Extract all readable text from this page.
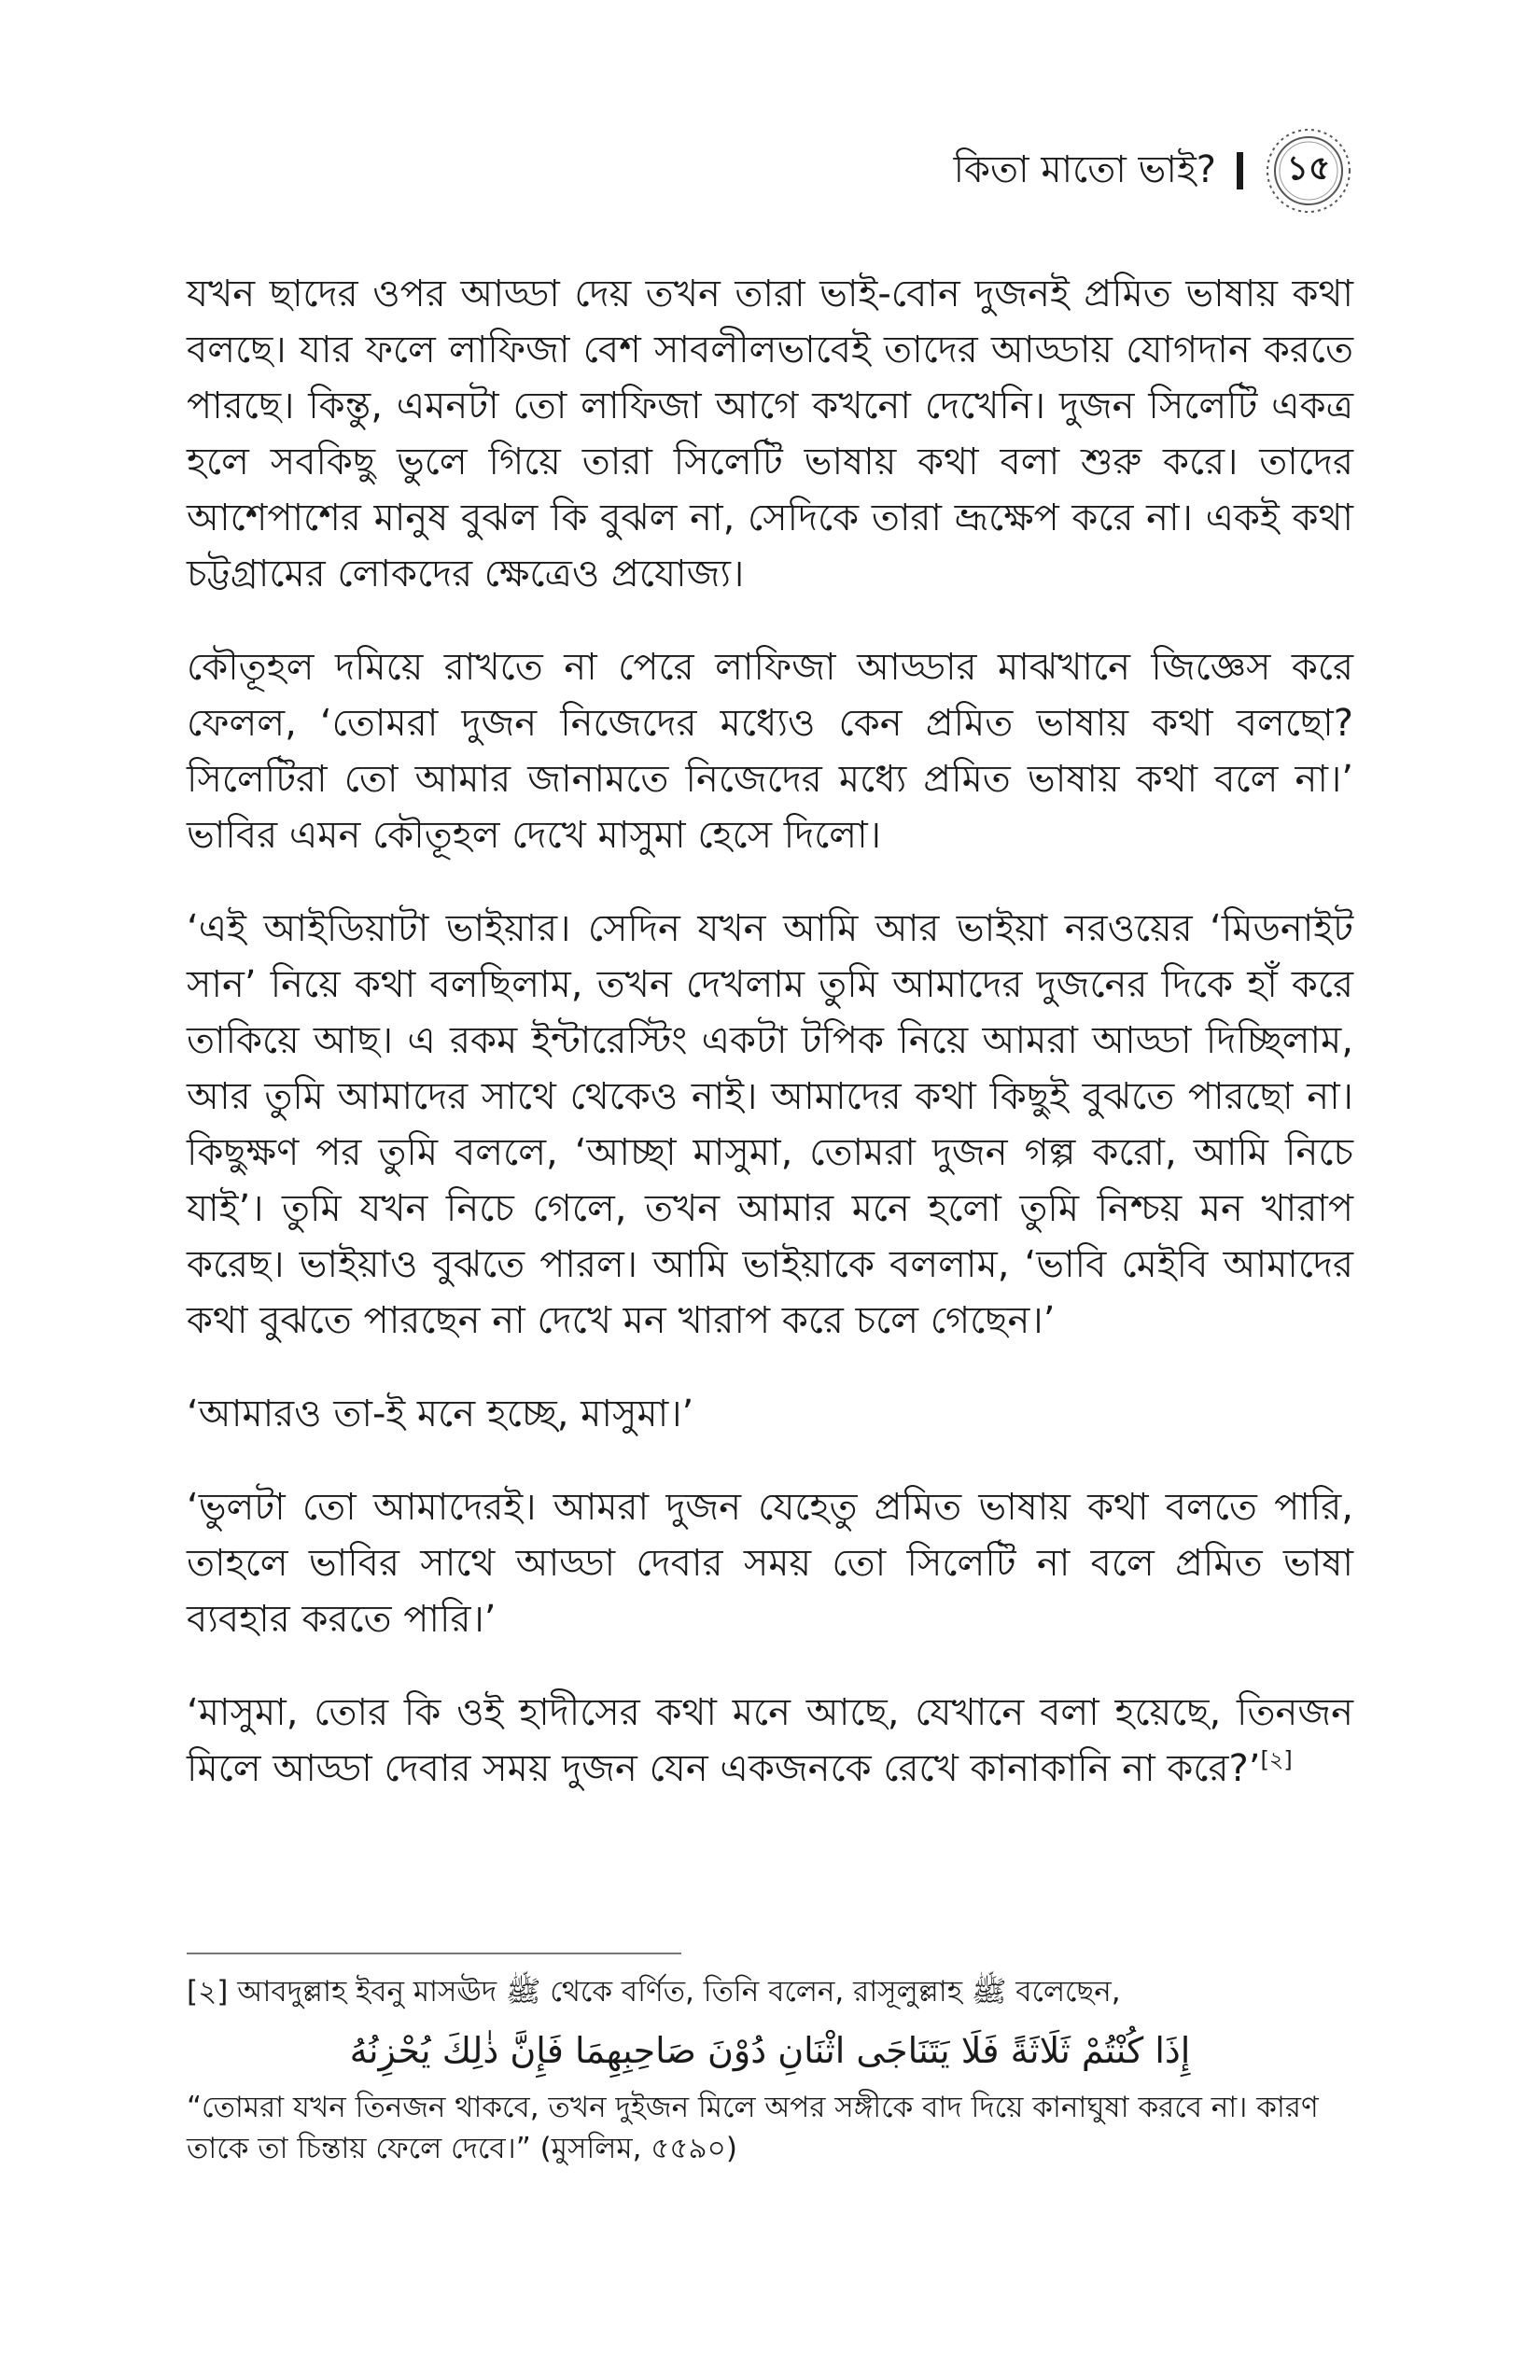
কিতা মাতো ভাই? ১৫

যখন ছাদের ওপর আড্ডা দেয় তখন তারা ভাই-বোন দুজনই প্রমিত ভাষায় কথা বলছে। যার ফলে লাফিজা বেশ সাবলীলভাবেই তাদের আড্ডায় যোগদান করতে পারছে। কিন্তু, এমনটা তো লাফিজা আগে কখনো দেখেনি। দুজন সিলেটি একত্র হলে সবকিছু ভুলে গিয়ে তারা সিলেটি ভাষায় কথা বলা শুরু করে। তাদের আশেপাশের মানুষ বুঝল কি বুঝল না, সেদিকে তারা ভ্রূক্ষেপ করে না। একই কথা চট্টগ্রামের লোকদের ক্ষেত্রেও প্রযোজ্য।

কৌতূহল দমিয়ে রাখতে না পেরে লাফিজা আড্ডার মাঝখানে জিজ্ঞেস করে ফেলল, ‘তোমরা দুজন নিজেদের মধ্যেও কেন প্রমিত ভাষায় কথা বলছো? সিলেটিরা তো আমার জানামতে নিজেদের মধ্যে প্রমিত ভাষায় কথা বলে না।’ ভাবির এমন কৌতূহল দেখে মাসুমা হেসে দিলো।

‘এই আইডিয়াটা ভাইয়ার। সেদিন যখন আমি আর ভাইয়া নরওয়ের ‘মিডনাইট সান’ নিয়ে কথা বলছিলাম, তখন দেখলাম তুমি আমাদের দুজনের দিকে হাঁ করে তাকিয়ে আছ। এ রকম ইন্টারেস্টিং একটা টপিক নিয়ে আমরা আড্ডা দিচ্ছিলাম, আর তুমি আমাদের সাথে থেকেও নাই। আমাদের কথা কিছুই বুঝতে পারছো না। কিছুক্ষণ পর তুমি বললে, ‘আচ্ছা মাসুমা, তোমরা দুজন গল্প করো, আমি নিচে যাই’। তুমি যখন নিচে গেলে, তখন আমার মনে হলো তুমি নিশ্চয় মন খারাপ করেছ। ভাইয়াও বুঝতে পারল। আমি ভাইয়াকে বললাম, ‘ভাবি মেইবি আমাদের কথা বুঝতে পারছেন না দেখে মন খারাপ করে চলে গেছেন।’

‘আমারও তা-ই মনে হচ্ছে, মাসুমা।’

‘ভুলটা তো আমাদেরই। আমরা দুজন যেহেতু প্রমিত ভাষায় কথা বলতে পারি, তাহলে ভাবির সাথে আড্ডা দেবার সময় তো সিলেটি না বলে প্রমিত ভাষা ব্যবহার করতে পারি।’

‘মাসুমা, তোর কি ওই হাদীসের কথা মনে আছে, যেখানে বলা হয়েছে, তিনজন মিলে আড্ডা দেবার সময় দুজন যেন একজনকে রেখে কানাকানি না করে?’[২]

[২] আবদুল্লাহ ইবনু মাসঊদ ﷺ থেকে বর্ণিত, তিনি বলেন, রাসূলুল্লাহ ﷺ বলেছেন,

إِذَا كُنْتُمْ ثَلَاثَةً فَلَا يَتَنَاجَى اثْنَانِ دُوْنَ صَاحِبِهِمَا فَإِنَّ ذٰلِكَ يُحْزِنُهُ

“তোমরা যখন তিনজন থাকবে, তখন দুইজন মিলে অপর সঙ্গীকে বাদ দিয়ে কানাঘুষা করবে না। কারণ তাকে তা চিন্তায় ফেলে দেবে।” (মুসলিম, ৫৫৯০)
